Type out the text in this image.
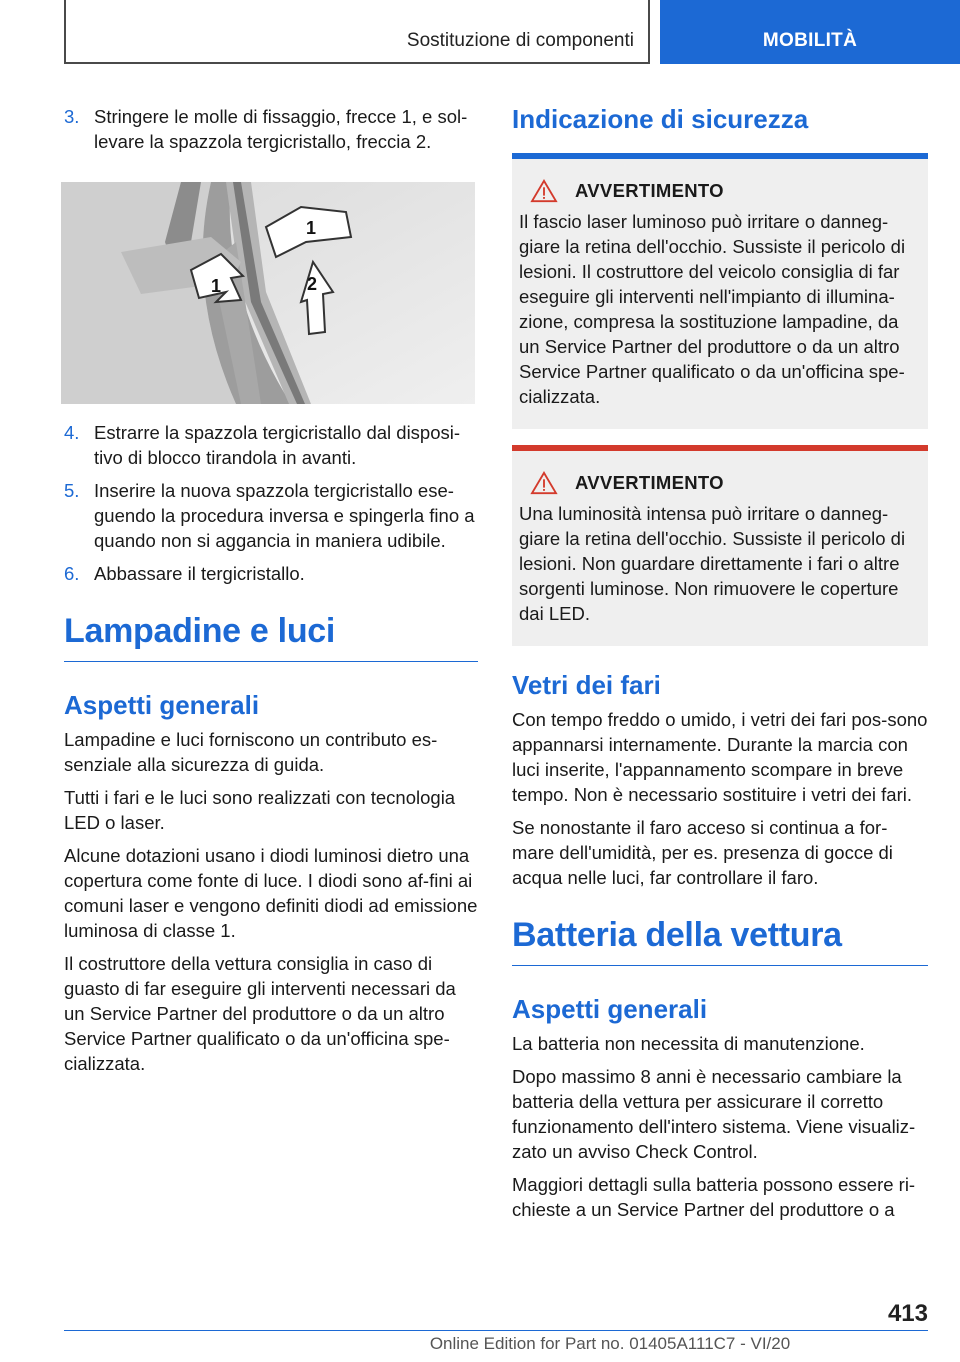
Sostituzione di componenti	MOBILITÀ
3. Stringere le molle di fissaggio, frecce 1, e sol-levare la spazzola tergicristallo, freccia 2.
1
1
2
4. Estrarre la spazzola tergicristallo dal disposi-tivo di blocco tirandola in avanti.
5. Inserire la nuova spazzola tergicristallo ese-guendo la procedura inversa e spingerla fino a quando non si aggancia in maniera udibile.
6. Abbassare il tergicristallo.
Lampadine e luci
Aspetti generali
Lampadine e luci forniscono un contributo es-senziale alla sicurezza di guida.
Tutti i fari e le luci sono realizzati con tecnologia LED o laser.
Alcune dotazioni usano i diodi luminosi dietro una copertura come fonte di luce. I diodi sono af-fini ai comuni laser e vengono definiti diodi ad emissione luminosa di classe 1.
Il costruttore della vettura consiglia in caso di guasto di far eseguire gli interventi necessari da un Service Partner del produttore o da un altro Service Partner qualificato o da un'officina spe-cializzata.
Indicazione di sicurezza
AVVERTIMENTO
Il fascio laser luminoso può irritare o danneg-giare la retina dell'occhio. Sussiste il pericolo di lesioni. Il costruttore del veicolo consiglia di far eseguire gli interventi nell'impianto di illumina-zione, compresa la sostituzione lampadine, da un Service Partner del produttore o da un altro Service Partner qualificato o da un'officina spe-cializzata.
AVVERTIMENTO
Una luminosità intensa può irritare o danneg-giare la retina dell'occhio. Sussiste il pericolo di lesioni. Non guardare direttamente i fari o altre sorgenti luminose. Non rimuovere le coperture dai LED.
Vetri dei fari
Con tempo freddo o umido, i vetri dei fari pos-sono appannarsi internamente. Durante la marcia con luci inserite, l'appannamento scompare in breve tempo. Non è necessario sostituire i vetri dei fari.
Se nonostante il faro acceso si continua a for-mare dell'umidità, per es. presenza di gocce di acqua nelle luci, far controllare il faro.
Batteria della vettura
Aspetti generali
La batteria non necessita di manutenzione.
Dopo massimo 8 anni è necessario cambiare la batteria della vettura per assicurare il corretto funzionamento dell'intero sistema. Viene visualiz-zato un avviso Check Control.
Maggiori dettagli sulla batteria possono essere ri-chieste a un Service Partner del produttore o a
413
Online Edition for Part no. 01405A111C7 - VI/20
